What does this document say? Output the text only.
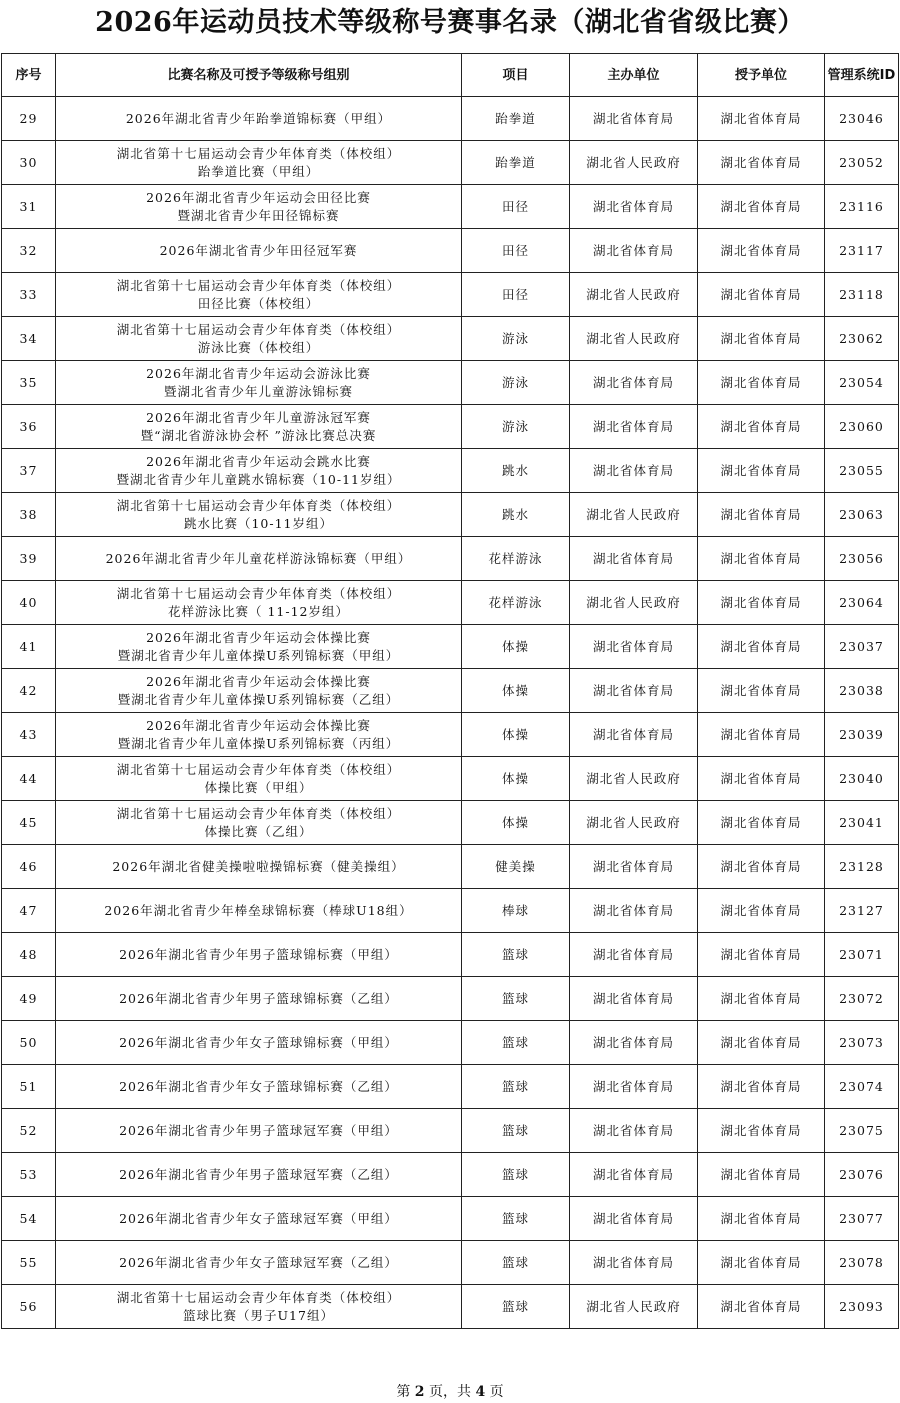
2026年运动员技术等级称号赛事名录（湖北省省级比赛）
序号	比赛名称及可授予等级称号组别	项目	主办单位	授予单位	管理系统ID
29	2026年湖北省青少年跆拳道锦标赛（甲组）	跆拳道	湖北省体育局	湖北省体育局	23046
30	湖北省第十七届运动会青少年体育类（体校组）
跆拳道比赛（甲组）	跆拳道	湖北省人民政府	湖北省体育局	23052
31	2026年湖北省青少年运动会田径比赛
暨湖北省青少年田径锦标赛	田径	湖北省体育局	湖北省体育局	23116
32	2026年湖北省青少年田径冠军赛	田径	湖北省体育局	湖北省体育局	23117
33	湖北省第十七届运动会青少年体育类（体校组）
田径比赛（体校组）	田径	湖北省人民政府	湖北省体育局	23118
34	湖北省第十七届运动会青少年体育类（体校组）
游泳比赛（体校组）	游泳	湖北省人民政府	湖北省体育局	23062
35	2026年湖北省青少年运动会游泳比赛
暨湖北省青少年儿童游泳锦标赛	游泳	湖北省体育局	湖北省体育局	23054
36	2026年湖北省青少年儿童游泳冠军赛
暨“湖北省游泳协会杯 ”游泳比赛总决赛	游泳	湖北省体育局	湖北省体育局	23060
37	2026年湖北省青少年运动会跳水比赛
暨湖北省青少年儿童跳水锦标赛（10-11岁组）	跳水	湖北省体育局	湖北省体育局	23055
38	湖北省第十七届运动会青少年体育类（体校组）
跳水比赛（10-11岁组）	跳水	湖北省人民政府	湖北省体育局	23063
39	2026年湖北省青少年儿童花样游泳锦标赛（甲组）	花样游泳	湖北省体育局	湖北省体育局	23056
40	湖北省第十七届运动会青少年体育类（体校组）
花样游泳比赛（ 11-12岁组）	花样游泳	湖北省人民政府	湖北省体育局	23064
41	2026年湖北省青少年运动会体操比赛
暨湖北省青少年儿童体操U系列锦标赛（甲组）	体操	湖北省体育局	湖北省体育局	23037
42	2026年湖北省青少年运动会体操比赛
暨湖北省青少年儿童体操U系列锦标赛（乙组）	体操	湖北省体育局	湖北省体育局	23038
43	2026年湖北省青少年运动会体操比赛
暨湖北省青少年儿童体操U系列锦标赛（丙组）	体操	湖北省体育局	湖北省体育局	23039
44	湖北省第十七届运动会青少年体育类（体校组）
体操比赛（甲组）	体操	湖北省人民政府	湖北省体育局	23040
45	湖北省第十七届运动会青少年体育类（体校组）
体操比赛（乙组）	体操	湖北省人民政府	湖北省体育局	23041
46	2026年湖北省健美操啦啦操锦标赛（健美操组）	健美操	湖北省体育局	湖北省体育局	23128
47	2026年湖北省青少年棒垒球锦标赛（棒球U18组）	棒球	湖北省体育局	湖北省体育局	23127
48	2026年湖北省青少年男子篮球锦标赛（甲组）	篮球	湖北省体育局	湖北省体育局	23071
49	2026年湖北省青少年男子篮球锦标赛（乙组）	篮球	湖北省体育局	湖北省体育局	23072
50	2026年湖北省青少年女子篮球锦标赛（甲组）	篮球	湖北省体育局	湖北省体育局	23073
51	2026年湖北省青少年女子篮球锦标赛（乙组）	篮球	湖北省体育局	湖北省体育局	23074
52	2026年湖北省青少年男子篮球冠军赛（甲组）	篮球	湖北省体育局	湖北省体育局	23075
53	2026年湖北省青少年男子篮球冠军赛（乙组）	篮球	湖北省体育局	湖北省体育局	23076
54	2026年湖北省青少年女子篮球冠军赛（甲组）	篮球	湖北省体育局	湖北省体育局	23077
55	2026年湖北省青少年女子篮球冠军赛（乙组）	篮球	湖北省体育局	湖北省体育局	23078
56	湖北省第十七届运动会青少年体育类（体校组）
篮球比赛（男子U17组）	篮球	湖北省人民政府	湖北省体育局	23093
第 2 页，共 4 页
